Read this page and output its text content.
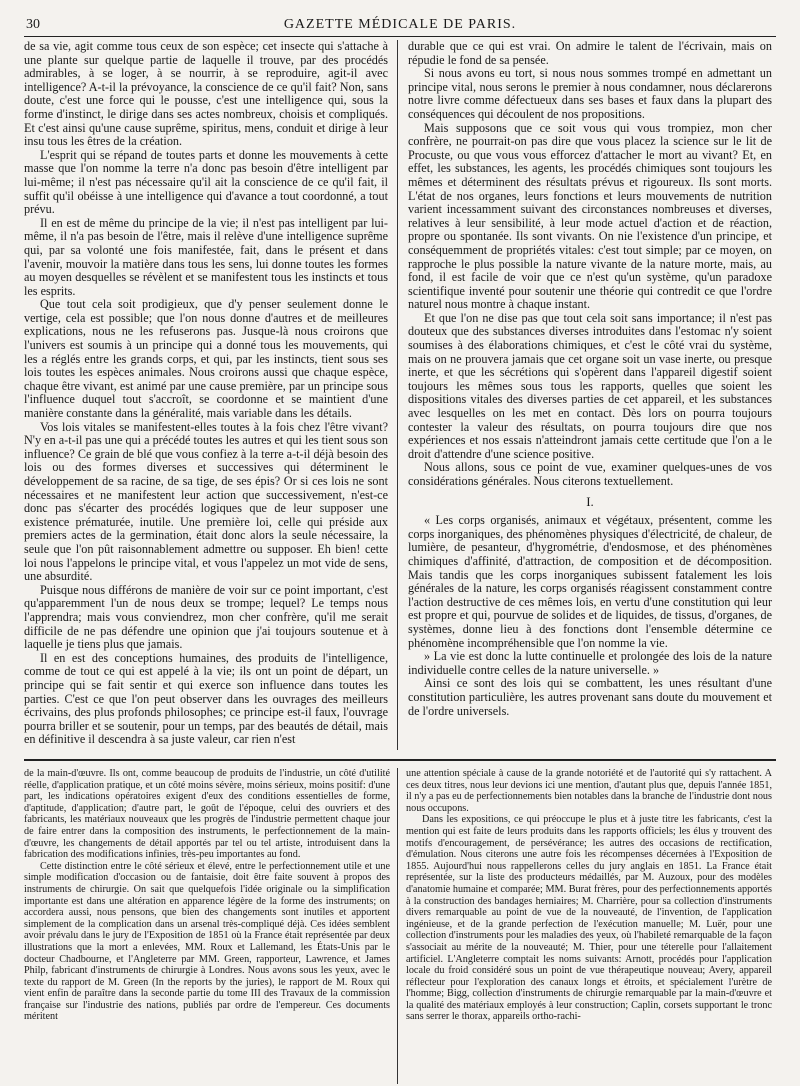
30	GAZETTE MÉDICALE DE PARIS.

de sa vie, agit comme tous ceux de son espèce; cet insecte qui s'attache à une plante sur quelque partie de laquelle il trouve, par des procédés admirables, à se loger, à se nourrir, à se reproduire, agit-il avec intelligence? A-t-il la prévoyance, la conscience de ce qu'il fait? Non, sans doute, c'est une force qui le pousse, c'est une intelligence qui, sous la forme d'instinct, le dirige dans ses actes nombreux, choisis et compliqués. Et c'est ainsi qu'une cause suprême, spiritus, mens, conduit et dirige à leur insu tous les êtres de la création.

L'esprit qui se répand de toutes parts et donne les mouvements à cette masse que l'on nomme la terre n'a donc pas besoin d'être intelligent par lui-même; il n'est pas nécessaire qu'il ait la conscience de ce qu'il fait, il suffit qu'il obéisse à une intelligence qui d'avance a tout coordonné, a tout prévu.

Il en est de même du principe de la vie; il n'est pas intelligent par lui-même, il n'a pas besoin de l'être, mais il relève d'une intelligence suprême qui, par sa volonté une fois manifestée, fait, dans le présent et dans l'avenir, mouvoir la matière dans tous les sens, lui donne toutes les formes au moyen desquelles se révèlent et se manifestent tous les instincts et tous les esprits.

Que tout cela soit prodigieux, que d'y penser seulement donne le vertige, cela est possible; que l'on nous donne d'autres et de meilleures explications, nous ne les refuserons pas. Jusque-là nous croirons que l'univers est soumis à un principe qui a donné tous les mouvements, qui les a réglés entre les grands corps, et qui, par les instincts, tient sous ses lois toutes les espèces animales. Nous croirons aussi que chaque espèce, chaque être vivant, est animé par une cause première, par un principe sous l'influence duquel tout s'accroît, se coordonne et se maintient d'une manière constante dans la généralité, mais variable dans les détails.

Vos lois vitales se manifestent-elles toutes à la fois chez l'être vivant? N'y en a-t-il pas une qui a précédé toutes les autres et qui les tient sous son influence? Ce grain de blé que vous confiez à la terre a-t-il déjà besoin des lois ou des formes diverses et successives qui déterminent le développement de sa racine, de sa tige, de ses épis? Or si ces lois ne sont nécessaires et ne manifestent leur action que successivement, n'est-ce donc pas s'écarter des procédés logiques que de leur supposer une existence prématurée, inutile. Une première loi, celle qui préside aux premiers actes de la germination, était donc alors la seule nécessaire, la seule que l'on pût raisonnablement admettre ou supposer. Eh bien! cette loi nous l'appelons le principe vital, et vous l'appelez un mot vide de sens, une absurdité.

Puisque nous différons de manière de voir sur ce point important, c'est qu'apparemment l'un de nous deux se trompe; lequel? Le temps nous l'apprendra; mais vous conviendrez, mon cher confrère, qu'il me serait difficile de ne pas défendre une opinion que j'ai toujours soutenue et à laquelle je tiens plus que jamais.

Il en est des conceptions humaines, des produits de l'intelligence, comme de tout ce qui est appelé à la vie; ils ont un point de départ, un principe qui se fait sentir et qui exerce son influence dans toutes les parties. C'est ce que l'on peut observer dans les ouvrages des meilleurs écrivains, des plus profonds philosophes; ce principe est-il faux, l'ouvrage pourra briller et se soutenir, pour un temps, par des beautés de détail, mais en définitive il descendra à sa juste valeur, car rien n'est

durable que ce qui est vrai. On admire le talent de l'écrivain, mais on répudie le fond de sa pensée.

Si nous avons eu tort, si nous nous sommes trompé en admettant un principe vital, nous serons le premier à nous condamner, nous déclarerons notre livre comme défectueux dans ses bases et faux dans la plupart des conséquences qui découlent de nos propositions.

Mais supposons que ce soit vous qui vous trompiez, mon cher confrère, ne pourrait-on pas dire que vous placez la science sur le lit de Procuste, ou que vous vous efforcez d'attacher le mort au vivant? Et, en effet, les substances, les agents, les procédés chimiques sont toujours les mêmes et déterminent des résultats prévus et rigoureux. Ils sont morts. L'état de nos organes, leurs fonctions et leurs mouvements de nutrition varient incessamment suivant des circonstances nombreuses et diverses, relatives à leur sensibilité, à leur mode actuel d'action et de réaction, propre ou spontanée. Ils sont vivants. On nie l'existence d'un principe, et conséquemment de propriétés vitales: c'est tout simple; par ce moyen, on rapproche le plus possible la nature vivante de la nature morte, mais, au fond, il est facile de voir que ce n'est qu'un système, qu'un paradoxe scientifique inventé pour soutenir une théorie qui contredit ce que l'ordre naturel nous montre à chaque instant.

Et que l'on ne dise pas que tout cela soit sans importance; il n'est pas douteux que des substances diverses introduites dans l'estomac n'y soient soumises à des élaborations chimiques, et c'est le côté vrai du système, mais on ne prouvera jamais que cet organe soit un vase inerte, ou presque inerte, et que les sécrétions qui s'opèrent dans l'appareil digestif soient toujours les mêmes sous tous les rapports, quelles que soient les dispositions vitales des diverses parties de cet appareil, et les substances avec lesquelles on les met en contact. Dès lors on pourra toujours contester la valeur des résultats, on pourra toujours dire que nos expériences et nos essais n'atteindront jamais cette certitude que l'on a le droit d'attendre d'une science positive.

Nous allons, sous ce point de vue, examiner quelques-unes de vos considérations générales. Nous citerons textuellement.

I.

« Les corps organisés, animaux et végétaux, présentent, comme les corps inorganiques, des phénomènes physiques d'électricité, de chaleur, de lumière, de pesanteur, d'hygrométrie, d'endosmose, et des phénomènes chimiques d'affinité, d'attraction, de composition et de décomposition. Mais tandis que les corps inorganiques subissent fatalement les lois générales de la nature, les corps organisés réagissent constamment contre l'action destructive de ces mêmes lois, en vertu d'une constitution qui leur est propre et qui, pourvue de solides et de liquides, de tissus, d'organes, de systèmes, donne lieu à des fonctions dont l'ensemble détermine ce phénomène incompréhensible que l'on nomme la vie.

» La vie est donc la lutte continuelle et prolongée des lois de la nature individuelle contre celles de la nature universelle. »

Ainsi ce sont des lois qui se combattent, les unes résultant d'une constitution particulière, les autres provenant sans doute du mouvement et de l'ordre universels.

de la main-d'œuvre. Ils ont, comme beaucoup de produits de l'industrie, un côté d'utilité réelle, d'application pratique, et un côté moins sévère, moins sérieux, moins positif: d'une part, les indications opératoires exigent d'eux des conditions essentielles de forme, d'aptitude, d'application; d'autre part, le goût de l'époque, celui des ouvriers et des fabricants, les matériaux nouveaux que les progrès de l'industrie permettent chaque jour de faire entrer dans la composition des instruments, le perfectionnement de la main-d'œuvre, les changements de détail apportés par tel ou tel artiste, introduisent dans la fabrication des modifications infinies, très-peu importantes au fond.

Cette distinction entre le côté sérieux et élevé, entre le perfectionnement utile et une simple modification d'occasion ou de fantaisie, doit être faite souvent à propos des instruments de chirurgie. On sait que quelquefois l'idée originale ou la simplification importante est dans une altération en apparence légère de la forme des instruments; on accordera aussi, nous pensons, que bien des changements sont inutiles et apportent simplement de la complication dans un arsenal très-compliqué déjà. Ces idées semblent avoir prévalu dans le jury de l'Exposition de 1851 où la France était représentée par deux illustrations que la mort a enlevées, MM. Roux et Lallemand, les États-Unis par le docteur Chadbourne, et l'Angleterre par MM. Green, rapporteur, Lawrence, et James Philp, fabricant d'instruments de chirurgie à Londres. Nous avons sous les yeux, avec le texte du rapport de M. Green (In the reports by the juries), le rapport de M. Roux qui vient enfin de paraître dans la seconde partie du tome III des Travaux de la commission française sur l'industrie des nations, publiés par ordre de l'empereur. Ces documents méritent

une attention spéciale à cause de la grande notoriété et de l'autorité qui s'y rattachent. A ces deux titres, nous leur devions ici une mention, d'autant plus que, depuis l'année 1851, il n'y a pas eu de perfectionnements bien notables dans la branche de l'industrie dont nous nous occupons.

Dans les expositions, ce qui préoccupe le plus et à juste titre les fabricants, c'est la mention qui est faite de leurs produits dans les rapports officiels; les élus y trouvent des motifs d'encouragement, de persévérance; les autres des occasions de rectification, d'émulation. Nous citerons une autre fois les récompenses décernées à l'Exposition de 1855. Aujourd'hui nous rappellerons celles du jury anglais en 1851. La France était représentée, sur la liste des producteurs médaillés, par M. Auzoux, pour des modèles d'anatomie humaine et comparée; MM. Burat frères, pour des perfectionnements apportés à la construction des bandages herniaires; M. Charrière, pour sa collection d'instruments divers remarquable au point de vue de la nouveauté, de l'invention, de l'application ingénieuse, et de la grande perfection de l'exécution manuelle; M. Luër, pour une collection d'instruments pour les maladies des yeux, où l'habileté remarquable de la façon s'associait au mérite de la nouveauté; M. Thier, pour une téterelle pour l'allaitement artificiel. L'Angleterre comptait les noms suivants: Arnott, procédés pour l'application locale du froid considéré sous un point de vue thérapeutique nouveau; Avery, appareil réflecteur pour l'exploration des canaux longs et étroits, et spécialement l'urètre de l'homme; Bigg, collection d'instruments de chirurgie remarquable par la main-d'œuvre et la qualité des matériaux employés à leur construction; Caplin, corsets supportant le tronc sans serrer le thorax, appareils ortho-rachi-
